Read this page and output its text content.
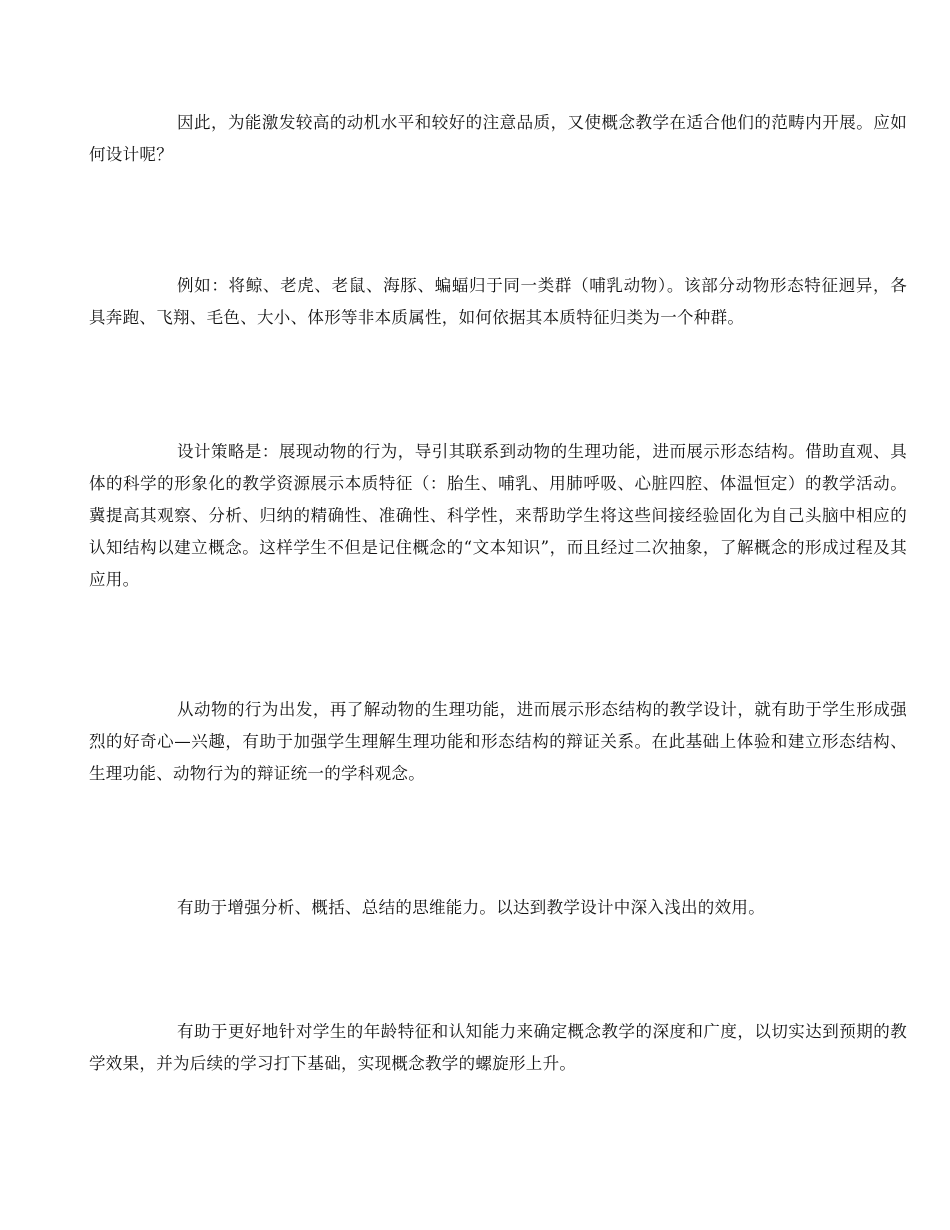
因此，为能激发较高的动机水平和较好的注意品质，又使概念教学在适合他们的范畴内开展。应如何设计呢？

例如：将鲸、老虎、老鼠、海豚、蝙蝠归于同一类群（哺乳动物）。该部分动物形态特征迥异，各具奔跑、飞翔、毛色、大小、体形等非本质属性，如何依据其本质特征归类为一个种群。

设计策略是：展现动物的行为，导引其联系到动物的生理功能，进而展示形态结构。借助直观、具体的科学的形象化的教学资源展示本质特征（：胎生、哺乳、用肺呼吸、心脏四腔、体温恒定）的教学活动。冀提高其观察、分析、归纳的精确性、准确性、科学性，来帮助学生将这些间接经验固化为自己头脑中相应的认知结构以建立概念。这样学生不但是记住概念的“文本知识”，而且经过二次抽象，了解概念的形成过程及其应用。

从动物的行为出发，再了解动物的生理功能，进而展示形态结构的教学设计，就有助于学生形成强烈的好奇心—兴趣，有助于加强学生理解生理功能和形态结构的辩证关系。在此基础上体验和建立形态结构、生理功能、动物行为的辩证统一的学科观念。

有助于增强分析、概括、总结的思维能力。以达到教学设计中深入浅出的效用。

有助于更好地针对学生的年龄特征和认知能力来确定概念教学的深度和广度，以切实达到预期的教学效果，并为后续的学习打下基础，实现概念教学的螺旋形上升。
